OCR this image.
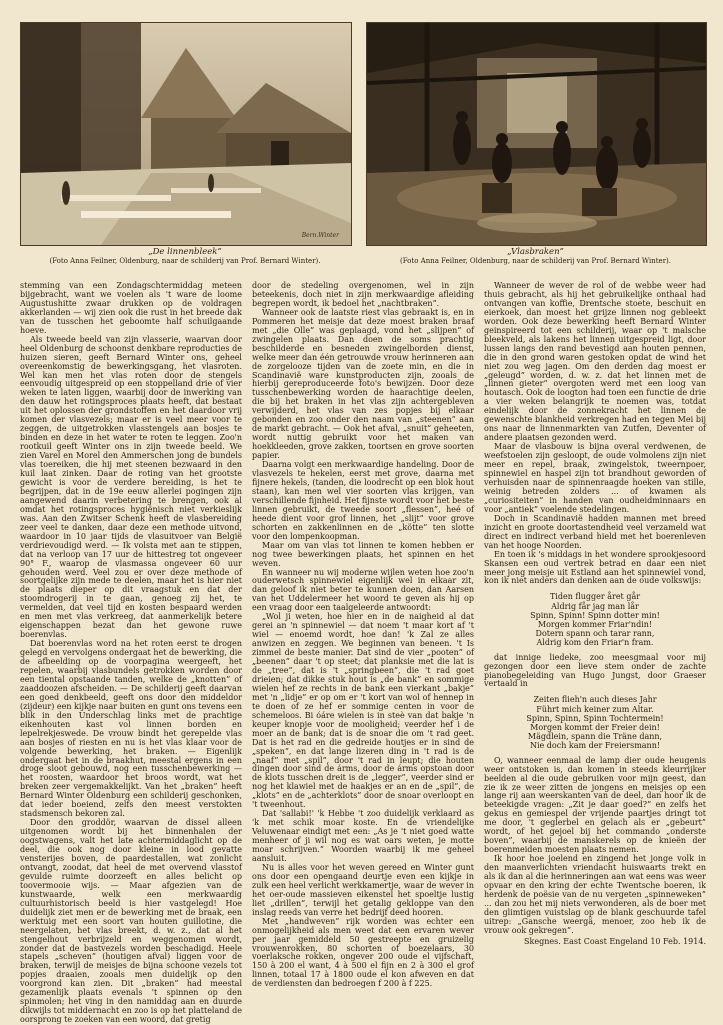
Bern.Winter
„De linnenbleek”
(Foto Anna Feilner, Oldenburg, naar de schilderij van Prof. Bernard Winter).
„Vlasbraken”
(Foto Anna Feilner, Oldenburg, naar de schilderij van Prof. Bernard Winter).

stemming van een Zondagschtermiddag meteen bijgebracht, want we voelen als 't ware de loome Augustushitte zwaar drukken op de voldragen akkerlanden — wij zien ook die rust in het breede dak van de tusschen het geboomte half schuilgaande hoeve.

Als tweede beeld van zijn vlasserie, waarvan door heel Oldenburg de schoonst denkbare reproducties de huizen sieren, geeft Bernard Winter ons, geheel overeenkomstig de bewerkingsgang, het vlasroten. Wel kan men het vlas roten door de stengels eenvoudig uitgespreid op een stoppelland drie of vier weken te laten liggen, waarbij door de inwerking van den dauw het rotingsproces plaats heeft, dat bestaat uit het oplossen der grondstoffen en het daardoor vrij komen der vlasvezels; maar er is veel meer voor te zeggen, de uitgetrokken vlasstengels aan bosjes te binden en deze in het water te roten te leggen. Zoo'n rootkuil geeft Winter ons in zijn tweede beeld. We zien Varel en Morel den Ammerschen jong de bundels vlas toereiken, die hij met steenen bezwaard in den kuil laat zinken. Daar de roting van het grootste gewicht is voor de verdere bereiding, is het te begrijpen, dat in de 19e eeuw allerlei pogingen zijn aangewend daarin verbetering te brengen, ook al omdat het rotingsproces hygiënisch niet verkieslijk was. Aan den Zwitser Schenk heeft de vlasbereiding zeer veel te danken, daar deze een methode uitvond, waardoor in 10 jaar tijds de vlasuitvoer van België verdrievoudigd werd. — Ik volsta met aan te stippen, dat na verloop van 17 uur de hittestreg tot ongeveer 90° F., waarop de vlasmassa ongeveer 60 uur gehouden werd. Veel zou er over deze methode of soortgelijke zijn mede te deelen, maar het is hier niet de plaats dieper op dit vraagstuk en dat der stoomdrogerij in te gaan, genoeg zij het, te vermelden, dat veel tijd en kosten bespaard werden en men met vlas verkreeg, dat aanmerkelijk betere eigenschappen bezat dan het gewone ruwe boerenvlas.

Dat boerenvlas word na het roten eerst te drogen gelegd en vervolgens ondergaat het de bewerking, die de afbeelding op de voorpagina weergeeft, het repelen, waarbij vlasbundels getrokken worden door een tiental opstaande tanden, welke de „knotten” of zaaddoozen afscheiden. — De schilderij geeft daarvan een goed denkbeeld, geeft ons door den middeldor (zijdeur) een kijkje naar buiten en gunt ons tevens een blik in den Underschlag links met de prachtige eikenhouten kast vol linnen borden en lepelrekjeswede. De vrouw bindt het gerepelde vlas aan bosjes of riesten en nu is het vlas klaar voor de volgende bewerking, het braken. — Eigenlijk ondergaat het in de braakhut, meestal ergens in een droge sloot gebouwd, nog een tusschenbewerking — het roosten, waardoor het broos wordt, wat het breken zeer vergemakkelijkt. Van het „braken” heeft Bernard Winter Oldenburg een schilderij geschonken, dat ieder boeiend, zelfs den meest verstokten stadsmensch bekoren zal.

Door den groddör, waarvan de dissel alleen uitgenomen wordt bij het binnenhalen der oogstwagens, valt het late achtermiddaglicht op de deel, die ook nog door kleine in lood gevatte vensterijes boven, de paardestallen, wat zonlicht ontvangt, zoodat, dat heel de met overvend vlasstof gevulde ruimte doorzeeft en alles belicht op toovermooie wijs. — Maar afgezien van de kunstwaarde, welk een merkwaardig cultuurhistorisch beeld is hier vastgelegd! Hoe duidelijk ziet men er de bewerking met de braak, een werktuig met een soort van houten guillotine, die neergelaten, het vlas breekt, d. w. z., dat al het stengelhout verbrijzeld en weggenomen wordt, zonder dat de bastvezels worden beschadigd. Heele stapels „scheven” (houtigen afval) liggen voor de braken, terwijl de meisjes de bijna schoone vezels tot popjes draaien, zooals men duidelijk op den voorgrond kan zien. Dit „braken” had meestal gezamenlijk plaats evenals 't spinnen op den spinmolen; het ving in den namiddag aan en duurde dikwijls tot middernacht en zoo is op het platteland de oorsprong te zoeken van een woord, dat gretig

door de stedeling overgenomen, wel in zijn beteekenis, doch niet in zijn merkwaardige afleiding begrepen wordt, ik bedoel het „nachtbraken”.

Wanneer ook de laatste riest vlas gebraakt is, en in Pommeren het meisje dat deze moest braken braaf met „die Olle” was geplaagd, vond het „slijpen” of zwingelen plaats. Dan doen de soms prachtig beschilderde en besneden zwingelborden dienst, welke meer dan één getrouwde vrouw herinneren aan de zorgelooze tijden van de zoete min, en die in Scandinavië ware kunstproducten zijn, zooals de hierbij gereproduceerde foto's bewijzen. Door deze tusschenbewerking worden de haarachtige deelen, die bij het braken in het vlas zijn achtergebleven verwijderd, het vlas van zes popjes bij elkaar gebonden en zoo onder den naam van „steenen” aan de markt gebracht. — Ook het afval, „snuit” geheeten, wordt nuttig gebruikt voor het maken van hoekkleeden, grove zakken, toortsen en grove soorten papier.

Daarna volgt een merkwaardige handeling. Door de vlasvezels te hekelen, eerst met grove, daarna met fijnere hekels, (tanden, die loodrecht op een blok hout staan), kan men wel vier soorten vlas krijgen, van verschillende fijnheid. Het fijnste wordt voor het beste linnen gebruikt, de tweede soort „flessen”, heé of heede dient voor grof linnen, het „slijt” voor grove schorten en zakkenlinnen en de „kötte” ten slotte voor den lompenkoopman.

Maar om van vlas tot linnen te komen hebben er nog twee bewerkingen plaats, het spinnen en het weven.

En wanneer nu wij moderne wijlen weten hoe zoo'n ouderwetsch spinnewiel eigenlijk wel in elkaar zit, dan geloof ik niet beter te kunnen doen, dan Aarsen van het Uddelermeer het woord te geven als hij op een vraag door een taalgeleerde antwoordt:

„Wol ji weten, hoe hier en in de naigheid al dat gerei an 'n spinnewiel — dat noem 't maar kort af 't wiel — enoemd wordt, hoe dan! 'k Zal ze alles anwizen en zeggen. We beginnen van beneen. 't Is zimmel de beste manier. Dat sind de vier „pooten” of „beenen” daar 't op steet; dat planksie met die lat is de „tree”, dat is 't „springbeen”, die 't rad goet drieien; dat dikke stuk hout is „de bank” en sommige wielen hef ze rechts in de bank een vierkant „bakje” met 'n „lidje” er op om er 't kort van wol of hennep in te doen of ze hef er sommige centen in voor de schemeloos. Bi óáre wielen is in steè van dat bakje 'n keuper knopje voor de mooligheid; veerder hef i de moer an de bank; dat is de snoar die om 't rad geet. Dat is het rad en die gedreide houtjes er in sind de „speken”, en dat lange lizeren ding in 't rad is de „naaf” met „spil”, door 't rad in leupt; die houten dingen door sind de árms, door de árms opstoan door de klots tusschen dreit is de „legger”, veerder sind er nog het klawiel met de haakjes er an en de „spil”, de „klots” en de „achterklots” door de snoar overloopt en 't tweenhout.

Dat 'sallabi!' 'k Hebbe 't zoo duidelijk verklaard as 'k met schik moar koste. En de vriendelijke Veluwenaar eindigt met een: „As je 't niet goed watte menheer of ji wil nog es wat oars weten, je motte moar schrijven.” Woorden waarbij ik me geheel aansluit.

Nu is alles voor het weven gereed en Winter gunt ons door een opengaand deurtje even een kijkje in zulk een heel verlicht werkkamertje, waar de wever in het oer-oude massieven eikenstel het spoeltje lustig liet „drillen”, terwijl het getalig gekloppe van den inslag reeds van verre het bedrijf deed hooren.

Met „handweven” rijk worden was echter een onmogelijkheid als men weet dat een ervaren wever per jaar gemiddeld 50 gestreepte en gruizelig vrouwenrokken, 80 schorten of boezelaars, 30 voerlaksche rokken, ongever 200 oude el vijfschaft, 150 à 200 el want, 4 à 500 el fijn en 2 à 300 el grof linnen, totaal 17 à 1800 oude el kon afweven en dat de verdiensten dan bedroegen f 200 à f 225.

Wanneer de wever de rol of de webbe weer had thuis gebracht, als hij het gebruikelijke onthaal had ontvangen van koffie, Drentsche stoete, beschuit en eierkoek, dan moest het grijze linnen nog gebleekt worden. Ook deze bewerking heeft Bernard Winter geinspireerd tot een schilderij, waar op 't malsche bleekveld, als lakens het linnen uitgespreid ligt, door lussen langs den rand bevestigd aan houten pennen, die in den grond waren gestoken opdat de wind het niet zou weg jagen. Om den derden dag moest er „geleugd” worden, d. w. z. dat het linnen met de „linnen gieter” overgoten werd met een loog van houtasch. Ook de loogton had toen een functie de drie a vier weken belangrijk te noemen was, totdat eindelijk door de zonnekracht het linnen de gewenschte blankheid verkregen had en tegen Mei bij ons naar de linnenmarkten van Zutfen, Deventer of andere plaatsen gezonden werd.

Maar de vlasbouw is bijna overal verdwenen, de weefstoelen zijn gesloopt, de oude volmolens zijn niet meer en repel, braak, zwingelstok, tweernpoer, spinnewiel en haspel zijn tot brandhout geworden of verhuisden naar de spinnenraagde hoeken van stille, weinig betreden zolders ... of kwamen als „curiositeiten” in handen van oudheidminnaars en voor „antiek” voelende stedelingen.

Doch in Scandinavië hadden mannen met breed inzicht en groote doortastendheid veel verzameld wat direct en indirect verband hield met het boerenleven van het hooge Noorden.

En toen ik 's middags in het wondere sprookjesoord Skansen een oud vertrek betrad en daar een niet meer jong meisje uit Estland aan het spinnewiel vond, kon ik niet anders dan denken aan de oude volkswijs:

Tiden flugger året går
Aldrig får jag man lår
Spinn, Spinn! Spinn dotter min!
Morgen kommer Friar'ndin!
Dotern spann och tarar rann,
Aldrig kom den Friar'n fram.

dat innige liedeke, zoo meesgmaal voor mij gezongen door een lieve stem onder de zachte pianobegeleiding van Hugo Jungst, door Graeser vertaald in

Zeiten flieh'n auch dieses Jahr
Führt mich keiner zum Altar.
Spinn, Spinn, Spinn Tochtermein!
Morgen kommt der Freier dein!
Mägdlein, spann die Träne dann,
Nie doch kam der Freiersmann!

O, wanneer eenmaal de lamp dier oude heugenis weer ontstoken is, dan komen in steeds kleurrijker beelden al die oude gebruiken voor mijn geest, dan zie ik ze weer zitten de jongens en meisjes op een lange rij aan weerskanten van de deel, dan hoor ik de beteekigde vragen: „Zit je daar goed?” en zelfs het gekus en gemiespel der vrijende paartjes dringt tot me door, 't geglerbel en gelach als er „gebeurt” wordt, of het gejoel bij het commando „onderste boven”, waarbij de manskerels op de knieën der boerenmeiden moesten plaats nemen.

Ik hoor hoe joelend en zingend het jonge volk in den maanverlichten vriendacht huiswaarts trekt en als ik dan al die herinneringen aan wat eens was weer opvaar en den kring der echte Twentsche boeren, ik herdenk de poësie van de nu vergeten „spinneweken” ... dan zou het mij niets verwonderen, als de boer met den glimtigen vuistslag op de blank geschuurde tafel uitrep: „Gansche weergä, menoer, zoo heb ik de vrouw ook gekregen”.

Skegnes. East Coast Engeland 10 Feb. 1914.
